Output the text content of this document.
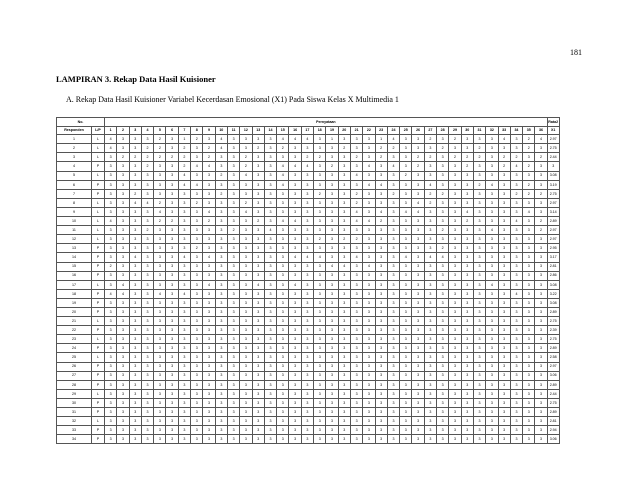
181
LAMPIRAN 3. Rekap Data Hasil Kuisioner
A. Rekap Data Hasil Kuisioner Variabel Kecerdasan Emosional (X1) Pada Siswa Kelas X Multimedia 1
No.		Pernyataan																																				Rata2
Responden	L/P	1	2	3	4	5	6	7	8	9	10	11	12	13	14	15	16	17	18	19	20	21	22	23	24	25	26	27	28	29	30	31	32	33	34	35	36	X1
1	L	4	3	3	3	2	3	1	2	3	4	3	3	3	3	4	4	4	3	1	3	3	3	1	4	3	3	2	3	2	3	3	3	4	3	2	4	2.97
2	L	4	3	3	2	2	3	2	3	2	4	3	3	2	3	2	3	3	3	3	2	3	3	2	2	3	3	3	2	3	3	2	3	3	3	2	3	2.75
3	L	3	2	2	2	2	2	2	3	2	3	3	2	3	3	3	3	2	2	3	3	2	3	2	3	3	2	2	3	2	2	2	3	2	2	3	2	2.44
4	P	3	3	3	2	3	3	2	4	4	3	3	2	3	3	4	4	4	3	2	3	3	4	3	4	3	2	3	3	3	2	3	3	2	4	2	3	3
5	L	3	3	3	3	3	3	4	3	3	2	3	4	3	3	4	3	3	3	3	3	4	3	3	3	2	3	3	3	3	3	3	3	3	3	3	3	3.08
6	P	3	3	3	3	3	3	4	4	3	3	3	3	3	3	4	3	3	3	3	3	3	4	4	3	3	3	4	3	3	3	2	4	3	3	2	3	3.19
7	P	3	3	2	3	3	3	3	3	3	2	3	3	3	3	3	3	3	2	3	3	2	3	3	2	3	3	2	2	3	3	3	3	3	2	2	2	2.75
8	L	3	3	4	4	2	3	3	2	3	3	3	2	3	3	3	3	3	3	3	3	2	3	3	3	3	4	2	3	3	3	3	3	3	3	3	3	2.97
9	L	3	3	3	3	4	3	3	3	4	3	3	4	3	3	3	3	3	3	3	3	4	3	4	3	4	4	3	3	3	4	3	3	3	3	4	3	3.14
10	L	4	3	3	3	2	2	3	3	2	3	3	3	2	3	4	4	3	3	3	3	4	4	2	3	3	3	3	3	3	2	3	3	3	4	3	2	2.89
11	L	3	3	3	2	3	3	3	3	3	3	2	3	3	4	3	3	3	3	3	3	3	3	3	3	3	3	3	2	3	3	3	4	3	3	3	2	2.97
12	L	3	3	3	3	3	3	3	3	3	3	3	3	3	3	3	3	3	2	3	2	2	3	3	3	3	3	3	3	3	3	3	3	3	3	3	3	2.97
13	P	3	3	3	3	3	3	3	2	3	3	3	3	3	3	3	3	3	3	3	3	3	3	3	3	3	3	3	2	3	3	3	3	3	3	3	3	2.95
14	P	3	3	4	3	3	3	4	3	4	3	3	3	3	3	3	4	4	4	3	3	4	3	3	3	4	3	4	4	3	3	3	3	3	3	3	3	3.17
15	P	2	3	3	3	3	3	3	3	3	3	3	3	3	3	3	3	3	3	4	4	3	4	3	3	3	3	3	3	3	3	3	3	3	3	3	3	2.81
16	P	3	3	3	3	3	3	3	3	3	3	3	3	3	3	3	3	3	3	3	3	3	3	3	3	3	3	3	3	3	3	3	3	3	3	3	3	2.86
17	L	3	4	3	3	3	3	3	3	4	3	3	3	4	3	3	4	3	3	3	3	3	3	3	3	3	3	3	3	3	3	3	4	3	3	3	3	3.08
18	P	4	4	3	3	4	3	4	3	3	3	3	3	3	3	3	3	3	3	3	3	3	3	3	3	3	3	3	3	3	3	3	3	3	4	3	3	3.22
19	P	3	3	3	3	3	3	3	3	3	3	3	3	3	3	3	3	3	3	3	3	3	3	3	3	3	3	3	3	3	3	3	3	3	3	3	3	3.08
20	P	3	3	3	3	3	3	3	3	3	3	3	3	3	3	3	3	3	3	3	3	3	3	3	3	3	3	3	3	3	3	3	3	3	3	3	3	2.89
21	L	3	3	3	3	3	3	3	3	3	3	3	3	3	3	3	3	3	3	3	3	3	3	3	3	3	3	3	3	3	3	3	3	3	3	3	3	2.75
22	P	3	3	3	3	3	3	3	3	3	3	3	3	3	3	3	3	3	3	3	3	3	3	3	3	3	3	3	3	3	3	3	3	3	3	3	3	2.39
23	L	3	3	3	3	3	3	3	3	3	3	3	3	3	3	3	3	3	3	3	3	3	3	3	3	3	3	3	3	3	3	3	3	3	3	3	3	2.75
24	P	3	3	3	3	3	3	3	3	3	3	3	3	3	3	3	3	3	3	3	3	3	3	3	3	3	3	3	3	3	3	3	3	3	3	3	3	2.89
25	L	3	3	3	3	3	3	3	3	3	3	3	3	3	3	3	3	3	3	3	3	3	3	3	3	3	3	3	3	3	3	3	3	3	3	3	3	2.58
26	P	3	3	3	3	3	3	3	3	3	3	3	3	3	3	3	3	3	3	3	3	3	3	3	3	3	3	3	3	3	3	3	3	3	3	3	3	2.97
27	P	3	3	3	3	3	3	3	3	3	3	3	3	3	3	3	3	3	3	3	3	3	3	3	3	3	3	3	3	3	3	3	3	3	3	3	3	3.06
28	P	3	3	3	3	3	3	3	3	3	3	3	3	3	3	3	3	3	3	3	3	3	3	3	3	3	3	3	3	3	3	3	3	3	3	3	3	2.89
29	L	3	3	3	3	3	3	3	3	3	3	3	3	3	3	3	3	3	3	3	3	3	3	3	3	3	3	3	3	3	3	3	3	3	3	3	3	2.44
30	P	3	3	3	3	3	3	3	3	3	3	3	3	3	3	3	3	3	3	3	3	3	3	3	3	3	3	3	3	3	3	3	3	3	3	3	3	2.75
31	P	3	3	3	3	3	3	3	3	3	3	3	3	3	3	3	3	3	3	3	3	3	3	3	3	3	3	3	3	3	3	3	3	3	3	3	3	2.89
32	L	3	3	3	3	3	3	3	3	3	3	3	3	3	3	3	3	3	3	3	3	3	3	3	3	3	3	3	3	3	3	3	3	3	3	3	3	2.81
33	P	3	3	3	3	3	3	3	3	3	3	3	3	3	3	3	3	3	3	3	3	3	3	3	3	3	3	3	3	3	3	3	3	3	3	3	3	2.94
34	P	3	3	3	3	3	3	3	3	3	3	3	3	3	3	3	3	3	3	3	3	3	3	3	3	3	3	3	3	3	3	3	3	3	3	3	3	3.06
